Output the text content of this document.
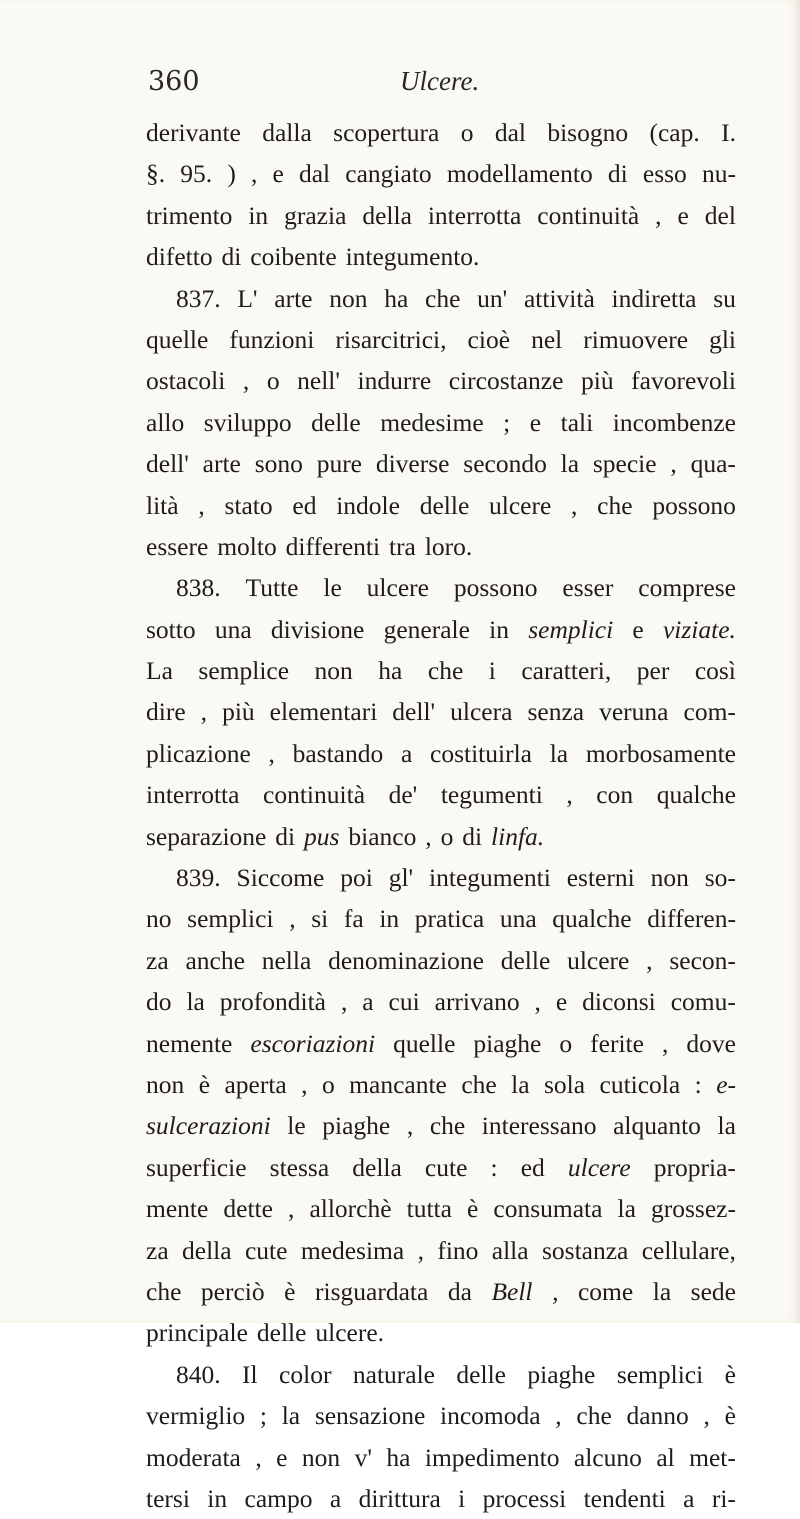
360	Ulcere.
derivante dalla scopertura o dal bisogno (cap. I.
§. 95. ) , e dal cangiato modellamento di esso nu-
trimento in grazia della interrotta continuità , e del
difetto di coibente integumento.
837. L' arte non ha che un' attività indiretta su
quelle funzioni risarcitrici, cioè nel rimuovere gli
ostacoli , o nell' indurre circostanze più favorevoli
allo sviluppo delle medesime ; e tali incombenze
dell' arte sono pure diverse secondo la specie , qua-
lità , stato ed indole delle ulcere , che possono
essere molto differenti tra loro.
838. Tutte le ulcere possono esser comprese
sotto una divisione generale in semplici e viziate.
La semplice non ha che i caratteri, per così
dire , più elementari dell' ulcera senza veruna com-
plicazione , bastando a costituirla la morbosamente
interrotta continuità de' tegumenti , con qualche
separazione di pus bianco , o di linfa.
839. Siccome poi gl' integumenti esterni non so-
no semplici , si fa in pratica una qualche differen-
za anche nella denominazione delle ulcere , secon-
do la profondità , a cui arrivano , e diconsi comu-
nemente escoriazioni quelle piaghe o ferite , dove
non è aperta , o mancante che la sola cuticola : e-
sulcerazioni le piaghe , che interessano alquanto la
superficie stessa della cute : ed ulcere propria-
mente dette , allorchè tutta è consumata la grossez-
za della cute medesima , fino alla sostanza cellulare,
che perciò è risguardata da Bell , come la sede
principale delle ulcere.
840. Il color naturale delle piaghe semplici è
vermiglio ; la sensazione incomoda , che danno , è
moderata , e non v' ha impedimento alcuno al met-
tersi in campo a dirittura i processi tendenti a ri-
